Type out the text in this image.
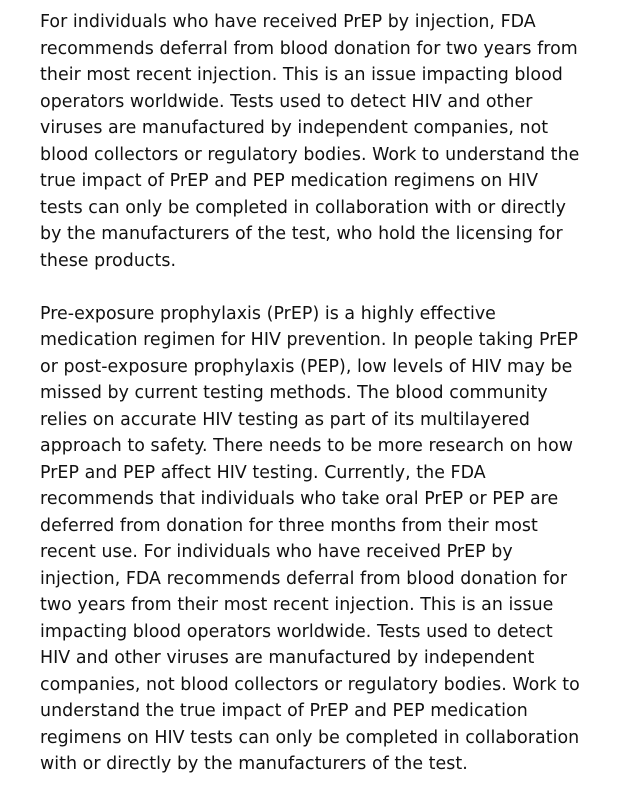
For individuals who have received PrEP by injection, FDA recommends deferral from blood donation for two years from their most recent injection. This is an issue impacting blood operators worldwide. Tests used to detect HIV and other viruses are manufactured by independent companies, not blood collectors or regulatory bodies. Work to understand the true impact of PrEP and PEP medication regimens on HIV tests can only be completed in collaboration with or directly by the manufacturers of the test, who hold the licensing for these products.

Pre-exposure prophylaxis (PrEP) is a highly effective medication regimen for HIV prevention. In people taking PrEP or post-exposure prophylaxis (PEP), low levels of HIV may be missed by current testing methods. The blood community relies on accurate HIV testing as part of its multilayered approach to safety. There needs to be more research on how PrEP and PEP affect HIV testing. Currently, the FDA recommends that individuals who take oral PrEP or PEP are deferred from donation for three months from their most recent use. For individuals who have received PrEP by injection, FDA recommends deferral from blood donation for two years from their most recent injection. This is an issue impacting blood operators worldwide. Tests used to detect HIV and other viruses are manufactured by independent companies, not blood collectors or regulatory bodies. Work to understand the true impact of PrEP and PEP medication regimens on HIV tests can only be completed in collaboration with or directly by the manufacturers of the test.
